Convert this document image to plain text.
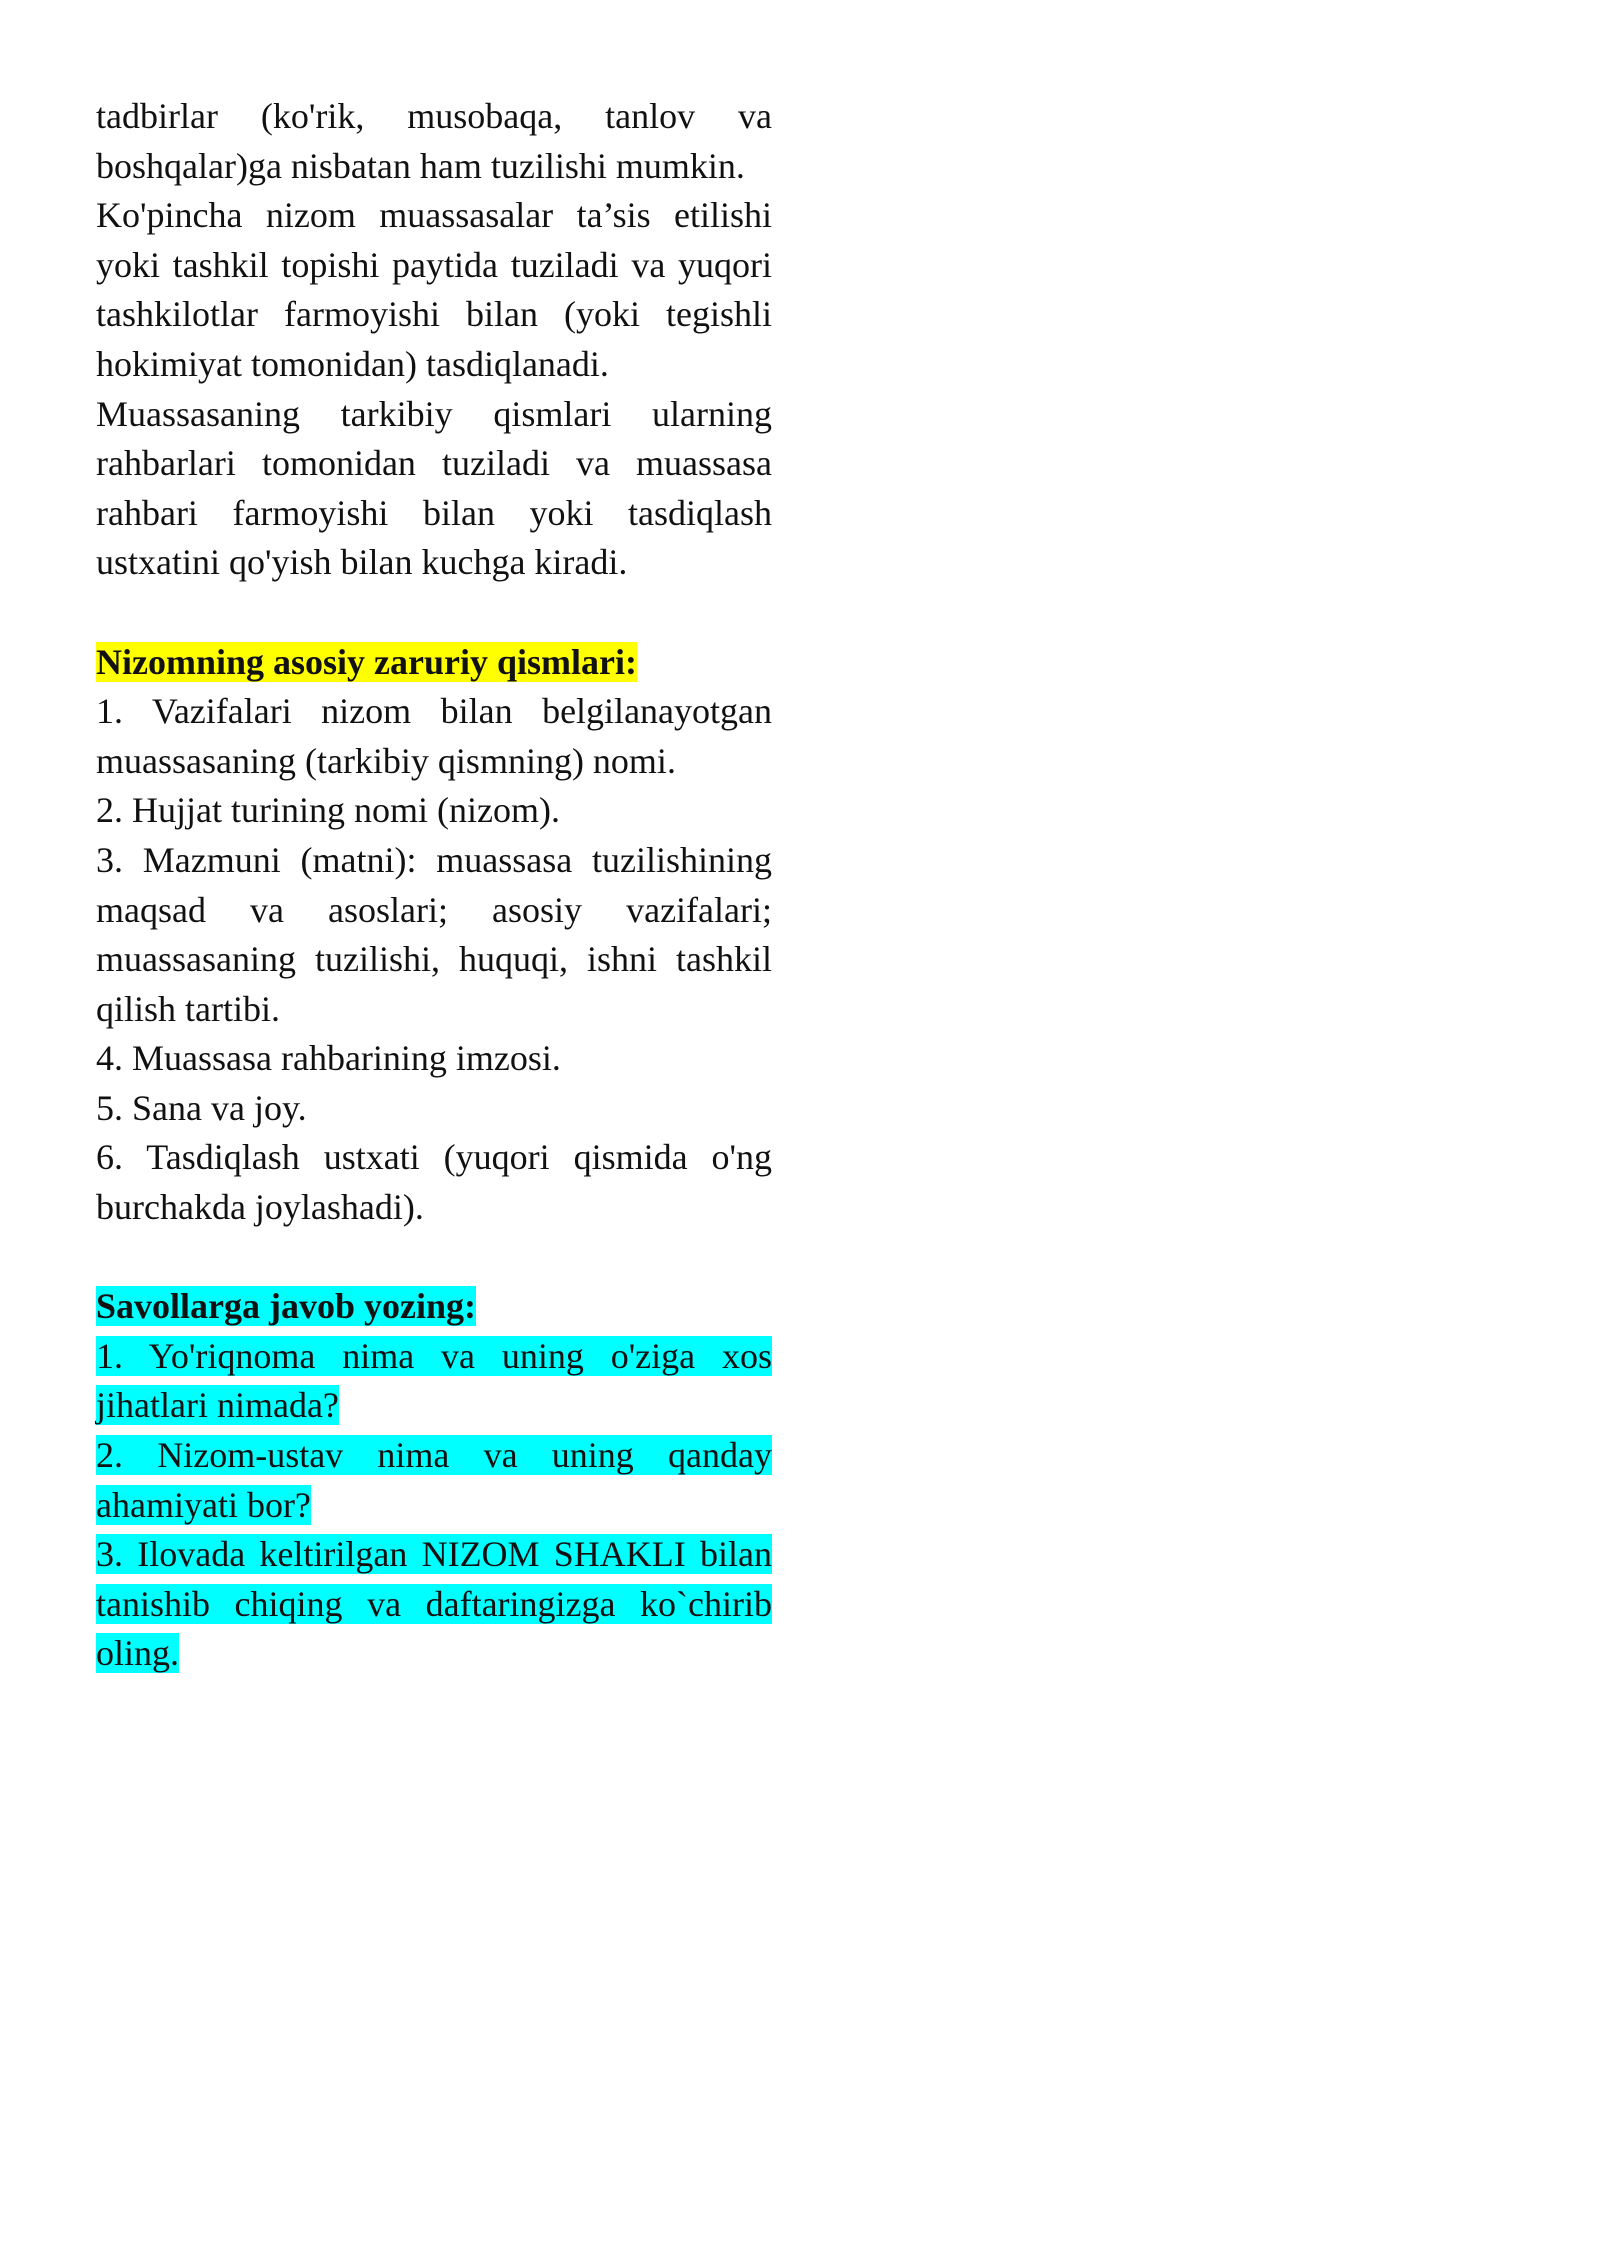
tadbirlar (ko'rik, musobaqa, tanlov va boshqalar)ga nisbatan ham tuzilishi mumkin.

Ko'pincha nizom muassasalar ta’sis etilishi yoki tashkil topishi paytida tuziladi va yuqori tashkilotlar farmoyishi bilan (yoki tegishli hokimiyat tomonidan) tasdiqlanadi.

Muassasaning tarkibiy qismlari ularning rahbarlari tomonidan tuziladi va muassasa rahbari farmoyishi bilan yoki tasdiqlash ustxatini qo'yish bilan kuchga kiradi.

Nizomning asosiy zaruriy qismlari:

1. Vazifalari nizom bilan belgilanayotgan muassasaning (tarkibiy qismning) nomi.

2. Hujjat turining nomi (nizom).

3. Mazmuni (matni): muassasa tuzilishining maqsad va asoslari; asosiy vazifalari; muassasaning tuzilishi, huquqi, ishni tashkil qilish tartibi.

4. Muassasa rahbarining imzosi.

5. Sana va joy.

6. Tasdiqlash ustxati (yuqori qismida o'ng burchakda joylashadi).

Savollarga javob yozing:

1. Yo'riqnoma nima va uning o'ziga xos jihatlari nimada?

2. Nizom-ustav nima va uning qanday ahamiyati bor?

3. Ilovada keltirilgan NIZOM SHAKLI bilan tanishib chiqing va daftaringizga ko`chirib oling.
